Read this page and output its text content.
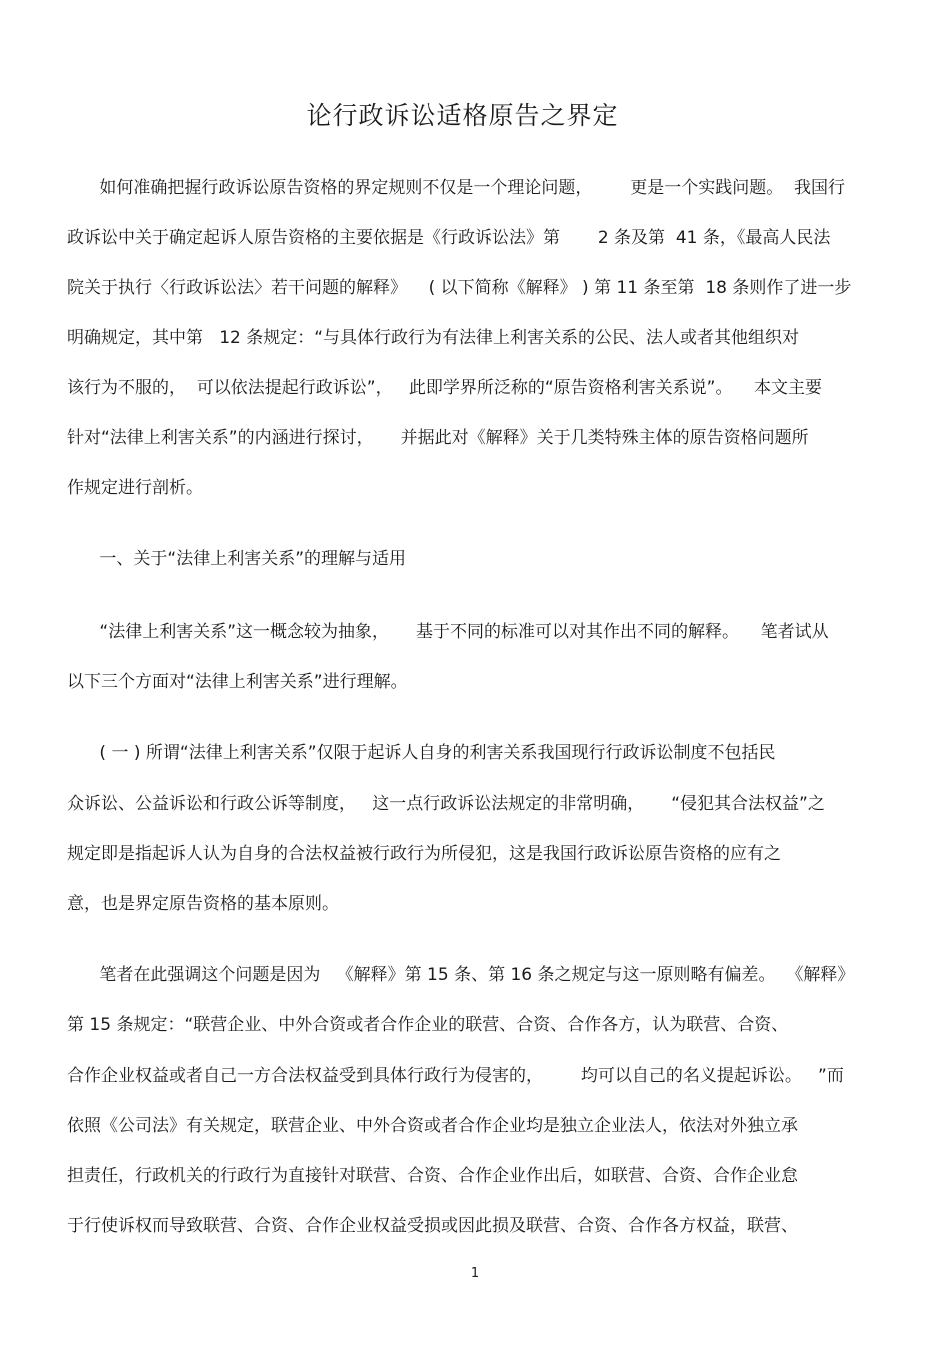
论行政诉讼适格原告之界定

如何准确把握行政诉讼原告资格的界定规则不仅是一个理论问题，       更是一个实践问题。  我国行

政诉讼中关于确定起诉人原告资格的主要依据是《行政诉讼法》第       2 条及第  41 条，《最高人民法

院关于执行〈行政诉讼法〉若干问题的解释》    ( 以下简称《解释》 ) 第 11 条至第  18 条则作了进一步

明确规定，其中第   12 条规定：“与具体行政行为有法律上利害关系的公民、法人或者其他组织对

该行为不服的，  可以依法提起行政诉讼”，   此即学界所泛称的“原告资格利害关系说”。    本文主要

针对“法律上利害关系”的内涵进行探讨，     并据此对《解释》关于几类特殊主体的原告资格问题所

作规定进行剖析。

一、关于“法律上利害关系”的理解与适用

“法律上利害关系”这一概念较为抽象，     基于不同的标准可以对其作出不同的解释。    笔者试从

以下三个方面对“法律上利害关系”进行理解。

( 一 ) 所谓“法律上利害关系”仅限于起诉人自身的利害关系我国现行行政诉讼制度不包括民

众诉讼、公益诉讼和行政公诉等制度，   这一点行政诉讼法规定的非常明确，     “侵犯其合法权益”之

规定即是指起诉人认为自身的合法权益被行政行为所侵犯，这是我国行政诉讼原告资格的应有之

意，也是界定原告资格的基本原则。

笔者在此强调这个问题是因为   《解释》第 15 条、第 16 条之规定与这一原则略有偏差。  《解释》

第 15 条规定：“联营企业、中外合资或者合作企业的联营、合资、合作各方，认为联营、合资、

合作企业权益或者自己一方合法权益受到具体行政行为侵害的，       均可以自己的名义提起诉讼。   ”而

依照《公司法》有关规定，联营企业、中外合资或者合作企业均是独立企业法人，依法对外独立承

担责任，行政机关的行政行为直接针对联营、合资、合作企业作出后，如联营、合资、合作企业怠

于行使诉权而导致联营、合资、合作企业权益受损或因此损及联营、合资、合作各方权益，联营、

1
